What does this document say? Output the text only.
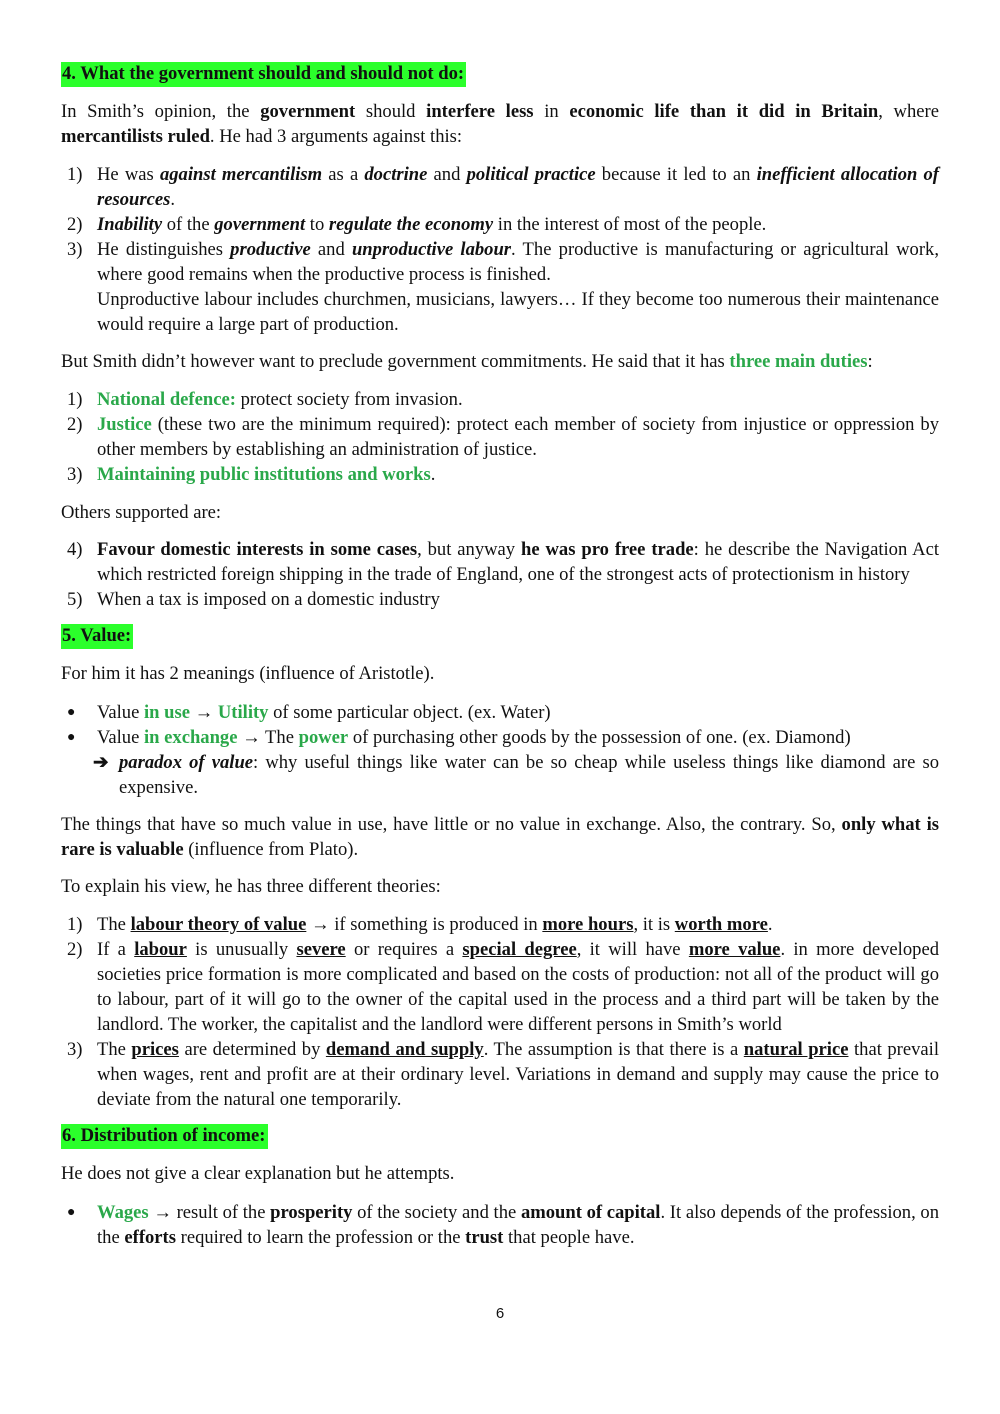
4. What the government should and should not do:

In Smith’s opinion, the government should interfere less in economic life than it did in Britain, where mercantilists ruled. He had 3 arguments against this:

1) He was against mercantilism as a doctrine and political practice because it led to an inefficient allocation of resources.
2) Inability of the government to regulate the economy in the interest of most of the people.
3) He distinguishes productive and unproductive labour. The productive is manufacturing or agricultural work, where good remains when the productive process is finished.
Unproductive labour includes churchmen, musicians, lawyers… If they become too numerous their maintenance would require a large part of production.

But Smith didn’t however want to preclude government commitments. He said that it has three main duties:

1) National defence: protect society from invasion.
2) Justice (these two are the minimum required): protect each member of society from injustice or oppression by other members by establishing an administration of justice.
3) Maintaining public institutions and works.

Others supported are:

4) Favour domestic interests in some cases, but anyway he was pro free trade: he describe the Navigation Act which restricted foreign shipping in the trade of England, one of the strongest acts of protectionism in history
5) When a tax is imposed on a domestic industry
5. Value:

For him it has 2 meanings (influence of Aristotle).

● Value in use → Utility of some particular object. (ex. Water)
● Value in exchange → The power of purchasing other goods by the possession of one. (ex. Diamond)
➔ paradox of value: why useful things like water can be so cheap while useless things like diamond are so expensive.

The things that have so much value in use, have little or no value in exchange. Also, the contrary. So, only what is rare is valuable (influence from Plato).

To explain his view, he has three different theories:

1) The labour theory of value → if something is produced in more hours, it is worth more.
2) If a labour is unusually severe or requires a special degree, it will have more value. in more developed societies price formation is more complicated and based on the costs of production: not all of the product will go to labour, part of it will go to the owner of the capital used in the process and a third part will be taken by the landlord. The worker, the capitalist and the landlord were different persons in Smith’s world
3) The prices are determined by demand and supply. The assumption is that there is a natural price that prevail when wages, rent and profit are at their ordinary level. Variations in demand and supply may cause the price to deviate from the natural one temporarily.
6. Distribution of income:

He does not give a clear explanation but he attempts.

● Wages → result of the prosperity of the society and the amount of capital. It also depends of the profession, on the efforts required to learn the profession or the trust that people have.
6
